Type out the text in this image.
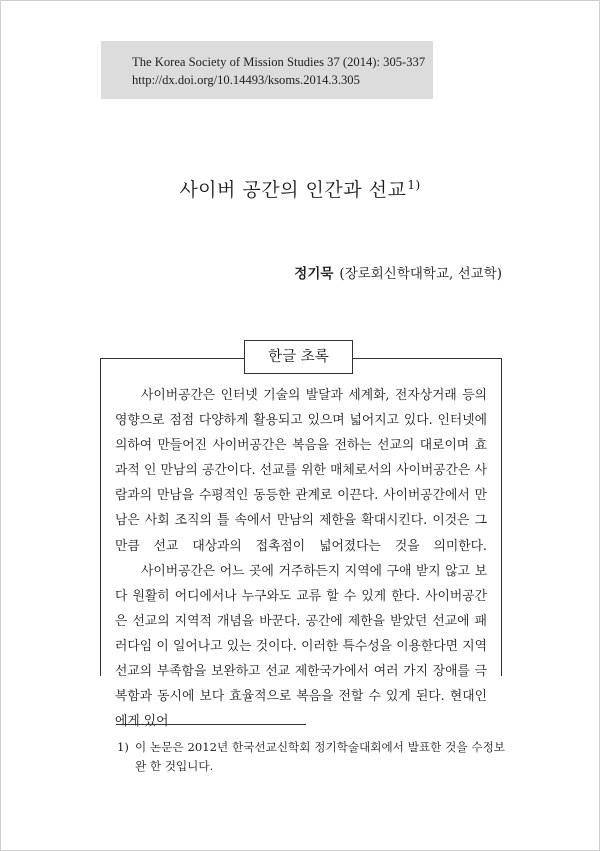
The Korea Society of Mission Studies 37 (2014): 305-337
http://dx.doi.org/10.14493/ksoms.2014.3.305
사이버 공간의 인간과 선교$^{1)}$
정기묵 (장로회신학대학교, 선교학)
한글 초록

사이버공간은 인터넷 기술의 발달과 세계화, 전자상거래 등의 영향으로 점점 다양하게 활용되고 있으며 넓어지고 있다. 인터넷에 의하여 만들어진 사이버공간은 복음을 전하는 선교의 대로이며 효과적 인 만남의 공간이다. 선교를 위한 매체로서의 사이버공간은 사람과의 만남을 수평적인 동등한 관계로 이끈다. 사이버공간에서 만남은 사회 조직의 틀 속에서 만남의 제한을 확대시킨다. 이것은 그만큼 선교 대상과의 접촉점이 넓어졌다는 것을 의미한다.

사이버공간은 어느 곳에 거주하든지 지역에 구애 받지 않고 보다 원활히 어디에서나 누구와도 교류 할 수 있게 한다. 사이버공간은 선교의 지역적 개념을 바꾼다. 공간에 제한을 받았던 선교에 패러다임 이 일어나고 있는 것이다. 이러한 특수성을 이용한다면 지역 선교의 부족함을 보완하고 선교 제한국가에서 여러 가지 장애를 극복함과 동시에 보다 효율적으로 복음을 전할 수 있게 된다. 현대인에게 있어

1) 이 논문은 2012년 한국선교신학회 정기학술대회에서 발표한 것을 수정보완 한 것입니다.
